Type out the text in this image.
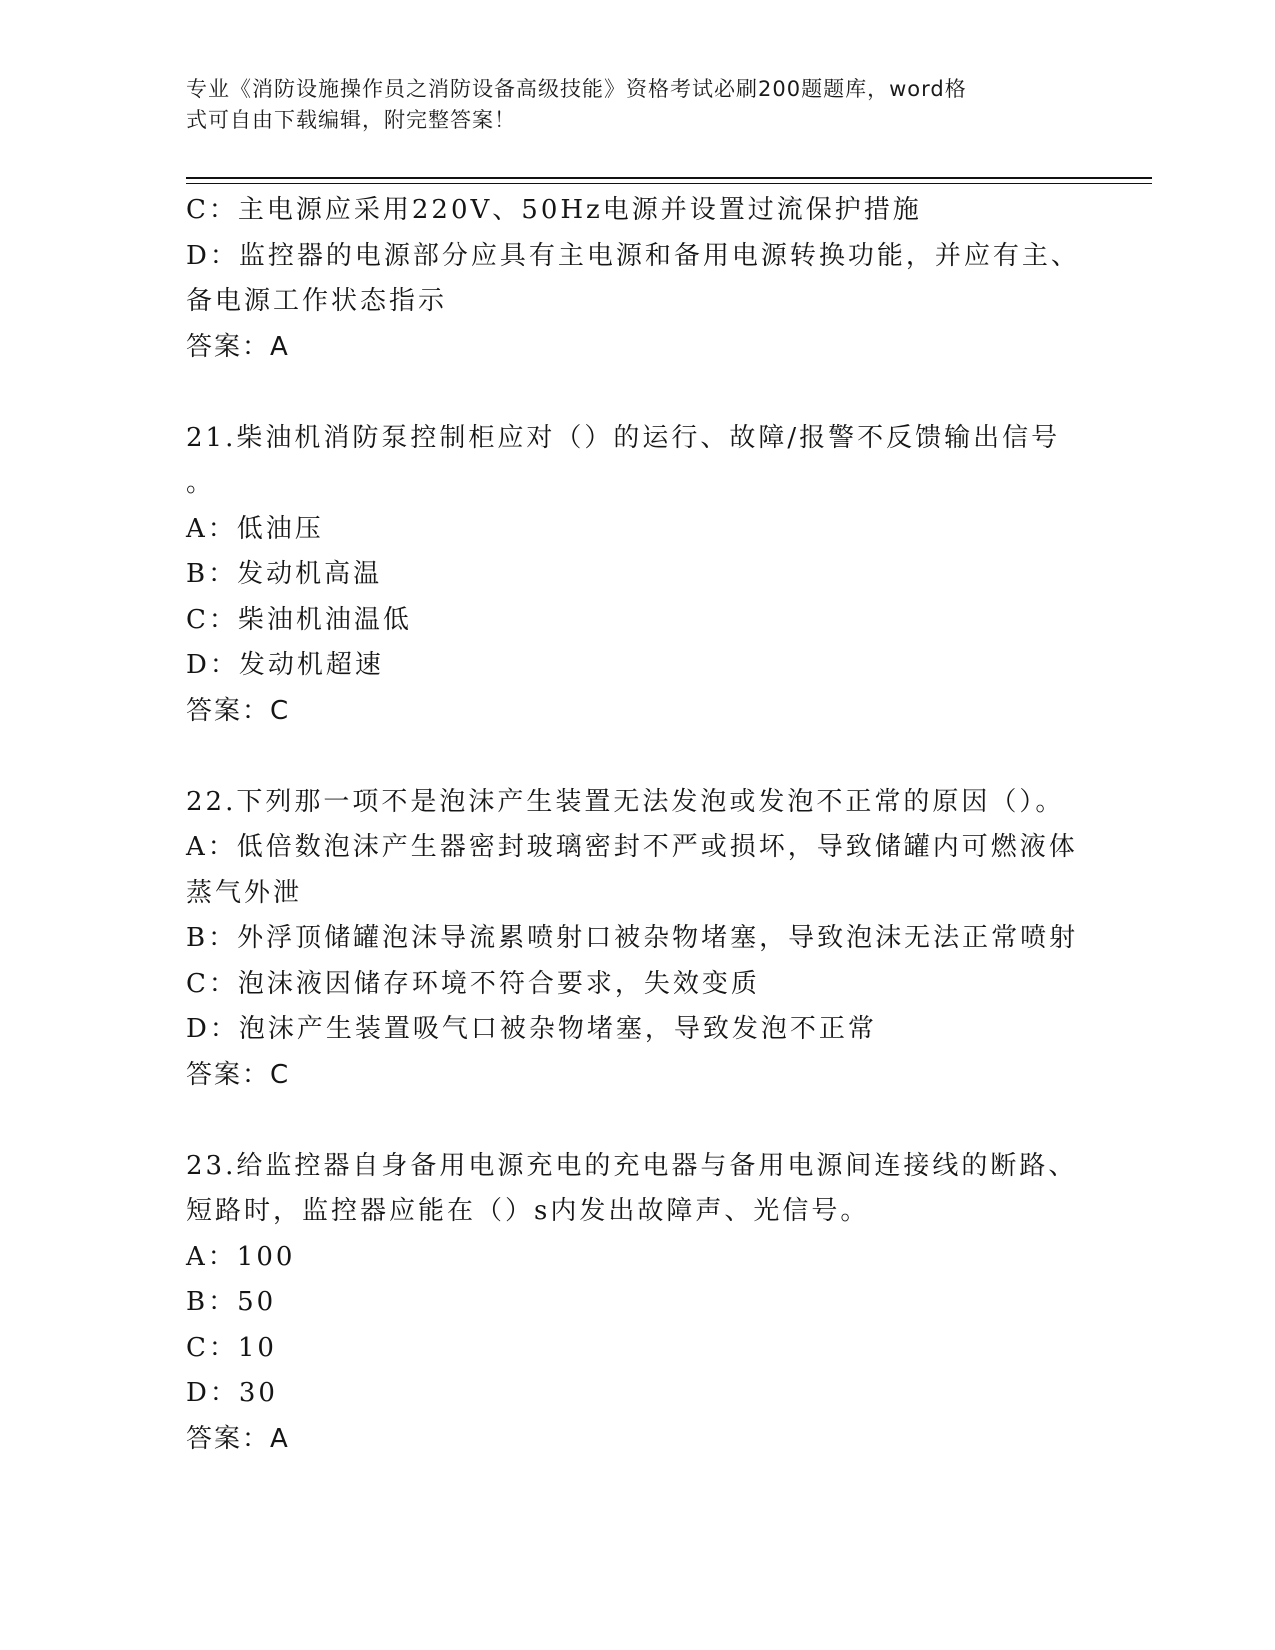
专业《消防设施操作员之消防设备高级技能》资格考试必刷200题题库，word格
式可自由下载编辑，附完整答案！
C：主电源应采用220V、50Hz电源并设置过流保护措施
D：监控器的电源部分应具有主电源和备用电源转换功能，并应有主、
备电源工作状态指示
答案：A
21.柴油机消防泵控制柜应对（）的运行、故障/报警不反馈输出信号
。
A：低油压
B：发动机高温
C：柴油机油温低
D：发动机超速
答案：C
22.下列那一项不是泡沫产生装置无法发泡或发泡不正常的原因（）。
A：低倍数泡沫产生器密封玻璃密封不严或损坏，导致储罐内可燃液体
蒸气外泄
B：外浮顶储罐泡沫导流累喷射口被杂物堵塞，导致泡沫无法正常喷射
C：泡沫液因储存环境不符合要求，失效变质
D：泡沫产生装置吸气口被杂物堵塞，导致发泡不正常
答案：C
23.给监控器自身备用电源充电的充电器与备用电源间连接线的断路、
短路时，监控器应能在（）s内发出故障声、光信号。
A：100
B：50
C：10
D：30
答案：A
